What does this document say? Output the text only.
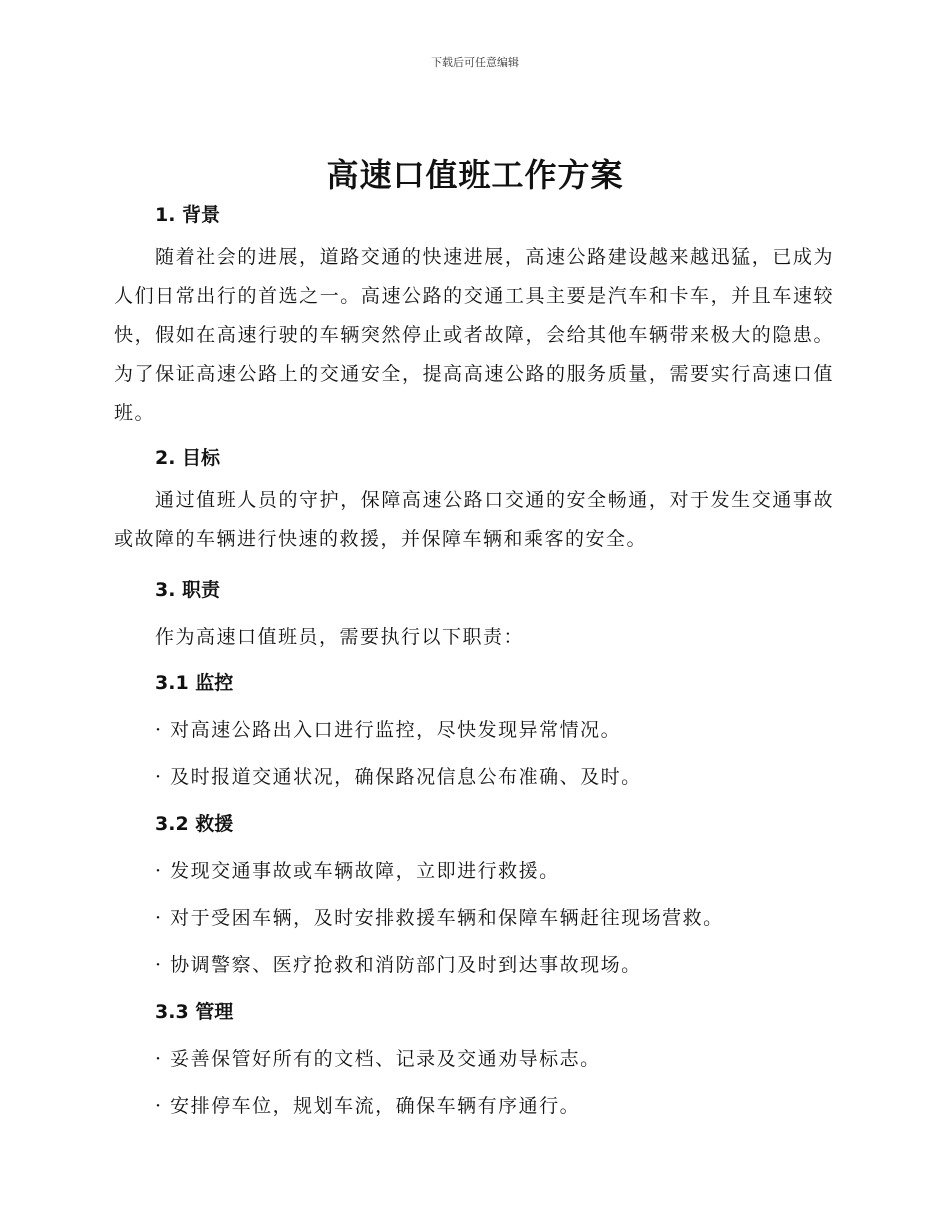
下载后可任意编辑
高速口值班工作方案
1. 背景
随着社会的进展，道路交通的快速进展，高速公路建设越来越迅猛，已成为人们日常出行的首选之一。高速公路的交通工具主要是汽车和卡车，并且车速较快，假如在高速行驶的车辆突然停止或者故障，会给其他车辆带来极大的隐患。为了保证高速公路上的交通安全，提高高速公路的服务质量，需要实行高速口值班。
2. 目标
通过值班人员的守护，保障高速公路口交通的安全畅通，对于发生交通事故或故障的车辆进行快速的救援，并保障车辆和乘客的安全。
3. 职责
作为高速口值班员，需要执行以下职责：
3.1 监控
· 对高速公路出入口进行监控，尽快发现异常情况。
· 及时报道交通状况，确保路况信息公布准确、及时。
3.2 救援
· 发现交通事故或车辆故障，立即进行救援。
· 对于受困车辆，及时安排救援车辆和保障车辆赶往现场营救。
· 协调警察、医疗抢救和消防部门及时到达事故现场。
3.3 管理
· 妥善保管好所有的文档、记录及交通劝导标志。
· 安排停车位，规划车流，确保车辆有序通行。
